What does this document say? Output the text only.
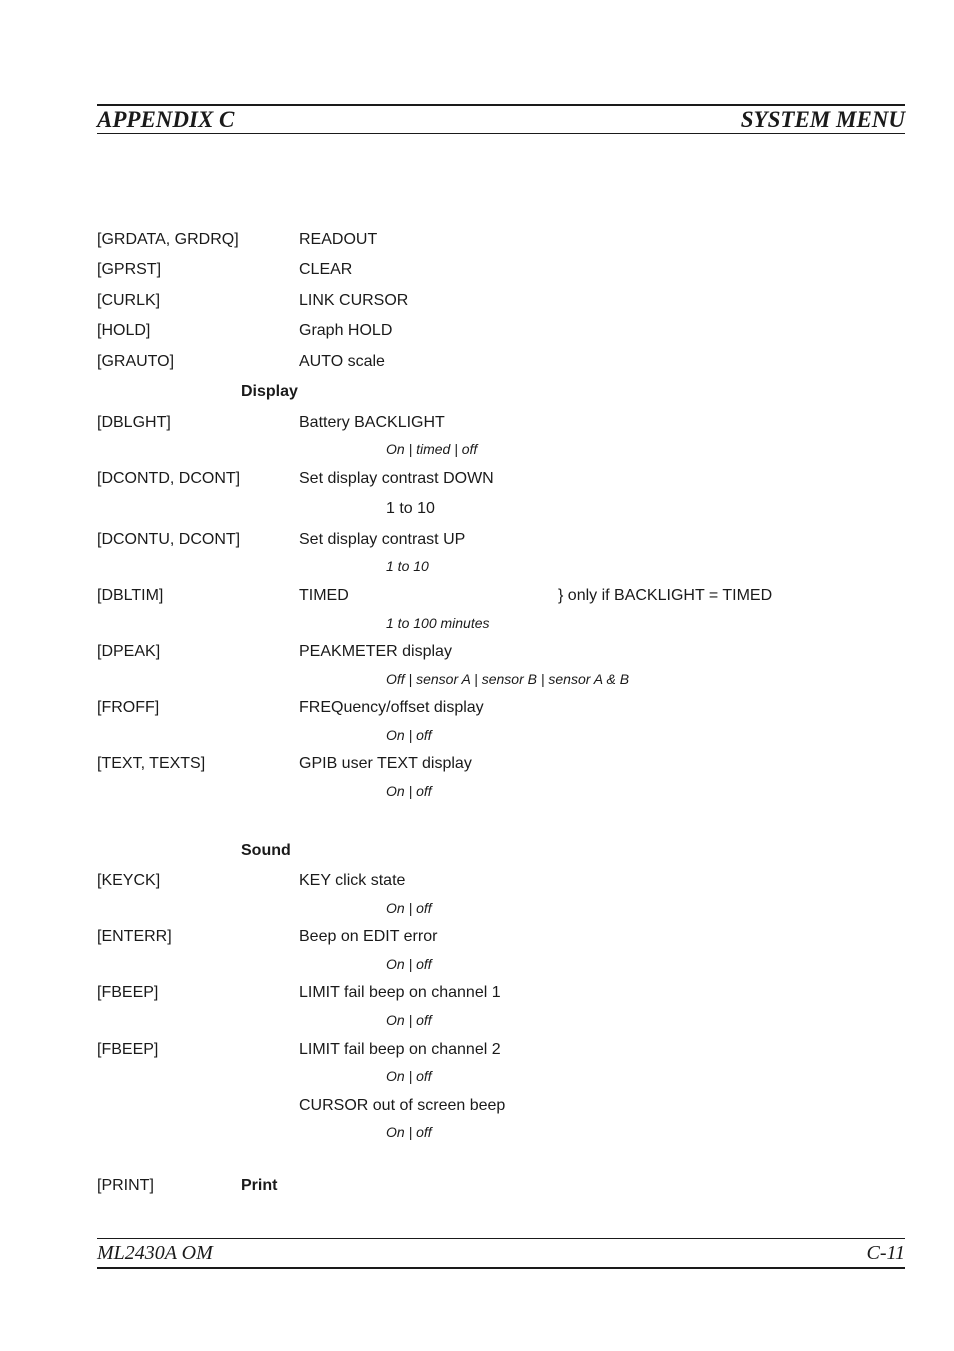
APPENDIX C	SYSTEM MENU
[GRDATA, GRDRQ]	READOUT
[GPRST]	CLEAR
[CURLK]	LINK CURSOR
[HOLD]	Graph HOLD
[GRAUTO]	AUTO scale
Display
[DBLGHT]	Battery BACKLIGHT
On | timed | off
[DCONTD, DCONT]	Set display contrast DOWN
1 to 10
[DCONTU, DCONT]	Set display contrast UP
1 to 10
[DBLTIM]	TIMED	} only if BACKLIGHT = TIMED
1 to 100 minutes
[DPEAK]	PEAKMETER display
Off | sensor A | sensor B | sensor A & B
[FROFF]	FREQuency/offset display
On | off
[TEXT, TEXTS]	GPIB user TEXT display
On | off
Sound
[KEYCK]	KEY click state
On | off
[ENTERR]	Beep on EDIT error
On | off
[FBEEP]	LIMIT fail beep on channel 1
On | off
[FBEEP]	LIMIT fail beep on channel 2
On | off
CURSOR out of screen beep
On | off
[PRINT]	Print
ML2430A OM	C-11
